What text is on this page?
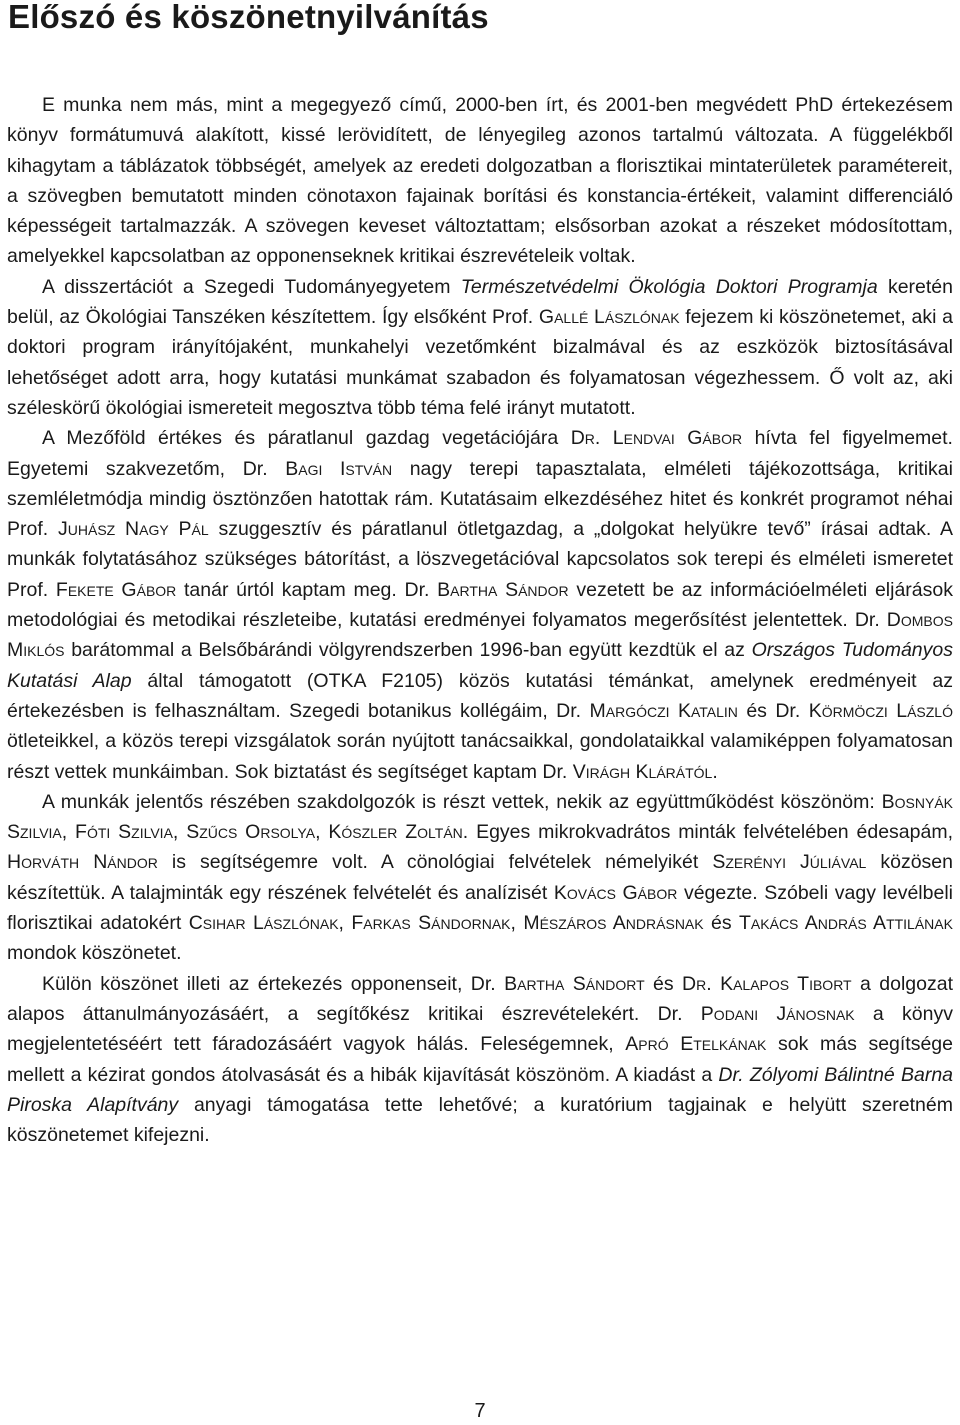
Előszó és köszönetnyilvánítás

E munka nem más, mint a megegyező című, 2000-ben írt, és 2001-ben megvédett PhD értekezésem könyv formátumuvá alakított, kissé lerövidített, de lényegileg azonos tartalmú változata. A függelékből kihagytam a táblázatok többségét, amelyek az eredeti dolgozatban a florisztikai mintaterületek paramétereit, a szövegben bemutatott minden cönotaxon fajainak borítási és konstancia-értékeit, valamint differenciáló képességeit tartalmazzák. A szövegen keveset változtattam; elsősorban azokat a részeket módosítottam, amelyekkel kapcsolatban az opponenseknek kritikai észrevételeik voltak.

A disszertációt a Szegedi Tudományegyetem Természetvédelmi Ökológia Doktori Programja keretén belül, az Ökológiai Tanszéken készítettem. Így elsőként Prof. Gallé Lászlónak fejezem ki köszönetemet, aki a doktori program irányítójaként, munkahelyi vezetőmként bizalmával és az eszközök biztosításával lehetőséget adott arra, hogy kutatási munkámat szabadon és folyamatosan végezhessem. Ő volt az, aki széleskörű ökológiai ismereteit megosztva több téma felé irányt mutatott.

A Mezőföld értékes és páratlanul gazdag vegetációjára Dr. Lendvai Gábor hívta fel figyelmemet. Egyetemi szakvezetőm, Dr. Bagi István nagy terepi tapasztalata, elméleti tájékozottsága, kritikai szemléletmódja mindig ösztönzően hatottak rám. Kutatásaim elkezdéséhez hitet és konkrét programot néhai Prof. Juhász Nagy Pál szuggesztív és páratlanul ötletgazdag, a „dolgokat helyükre tevő” írásai adtak. A munkák folytatásához szükséges bátorítást, a löszvegetációval kapcsolatos sok terepi és elméleti ismeretet Prof. Fekete Gábor tanár úrtól kaptam meg. Dr. Bartha Sándor vezetett be az információelméleti eljárások metodológiai és metodikai részleteibe, kutatási eredményei folyamatos megerősítést jelentettek. Dr. Dombos Miklós barátommal a Belsőbárándi völgyrendszerben 1996-ban együtt kezdtük el az Országos Tudományos Kutatási Alap által támogatott (OTKA F2105) közös kutatási témánkat, amelynek eredményeit az értekezésben is felhasználtam. Szegedi botanikus kollégáim, Dr. Margóczi Katalin és Dr. Körmöczi László ötleteikkel, a közös terepi vizsgálatok során nyújtott tanácsaikkal, gondolataikkal valamiképpen folyamatosan részt vettek munkáimban. Sok biztatást és segítséget kaptam Dr. Virágh Klárától.

A munkák jelentős részében szakdolgozók is részt vettek, nekik az együttműködést köszönöm: Bosnyák Szilvia, Fóti Szilvia, Szűcs Orsolya, Kószler Zoltán. Egyes mikrokvadrátos minták felvételében édesapám, Horváth Nándor is segítségemre volt. A cönológiai felvételek némelyikét Szerényi Júliával közösen készítettük. A talajminták egy részének felvételét és analízisét Kovács Gábor végezte. Szóbeli vagy levélbeli florisztikai adatokért Csihar Lászlónak, Farkas Sándornak, Mészáros Andrásnak és Takács András Attilának mondok köszönetet.

Külön köszönet illeti az értekezés opponenseit, Dr. Bartha Sándort és Dr. Kalapos Tibort a dolgozat alapos áttanulmányozásáért, a segítőkész kritikai észrevételekért. Dr. Podani Jánosnak a könyv megjelentetéséért tett fáradozásáért vagyok hálás. Feleségemnek, Apró Etelkának sok más segítsége mellett a kézirat gondos átolvasását és a hibák kijavítását köszönöm. A kiadást a Dr. Zólyomi Bálintné Barna Piroska Alapítvány anyagi támogatása tette lehetővé; a kuratórium tagjainak e helyütt szeretném köszönetemet kifejezni.

7
